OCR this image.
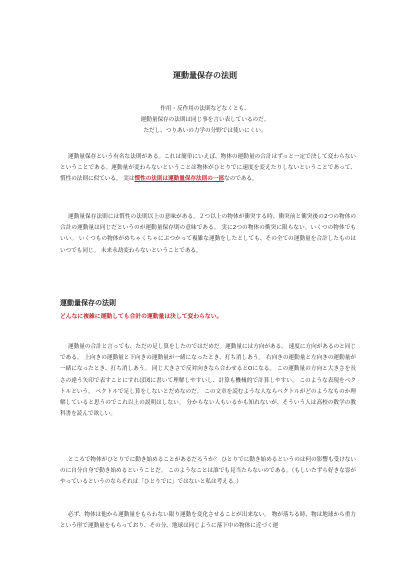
運動量保存の法則
作用・反作用の法則などなくとも、
運動量保存の法則は同じ事を言い表しているのだ。
ただし、つりあいの力学の分野では使いにくい。

運動量保存という有名な法則がある。これは簡単にいえば、物体の運動量の合計はずっと一定で決して変わらないということである。運動量が変わらないということは物体がひとりでに速度を変えたりしないということであって、慣性の法則に似ている。 実は慣性の法則は運動量保存法則の一部なのである。

運動量保存法則には慣性の法則以上の意味がある。２つ以上の物体が衝突する時、衝突前と衝突後の2つの物体の合計の運動量は同じだというのが運動量保存則の意味である。 実に2つの物体の衝突に限らない。いくつの物体でもいい。 いくつもの物体がめちゃくちゃにぶつかって複雑な運動をしたとしても、その全ての運動量を合計したものはいつでも同じ。 未来永劫変わらないということである。

運動量保存の法則

どんなに複雑に運動しても合計の運動量は決して変わらない。

運動量の合計と言っても、ただの足し算をしたのではだめだ。運動量には方向がある。 速度に方向があるのと同じである。 上向きの運動量と下向きの運動量が一緒になったとき、打ち消しあう。 右向きの運動量と左向きの運動量が一緒になったとき、打ち消しあう。 同じ大きさで反対向きなら合わせるとOになる。 この運動量の方向と大きさを長さの違う矢印で表すことにすれば図に書いて理解しやすいし、計算も機械的で計算しやすい。 このような表現をベクトルという。 ベクトルで足し算をしないとだめなのだ。 この文章を読むような人ならベクトルがどのようなものか理解していると思うのでこれ以上の説明はしない。 分からない人もいるかも知れないが、そういう人は高校の数学の教科書を読んで欲しい。

ところで物体がひとりでに動き始めることがあるだろうか？ ひとりでに動き始めるというのは何の影響も受けないのに自分自身で動き始めるということだ。 このようなことは誰でも見当たらないのである。（もしいたずら好きな霊がやっているというのならそれは「ひとりでに」ではないと私は考える。）

必ず、物体は他から運動量をもらわない限り運動を変化させることが出来ない。 物が落ちる時、物は地球から重力という形で運動量をもらっており、その分、地球は同じように落下中の物体に近づく運
